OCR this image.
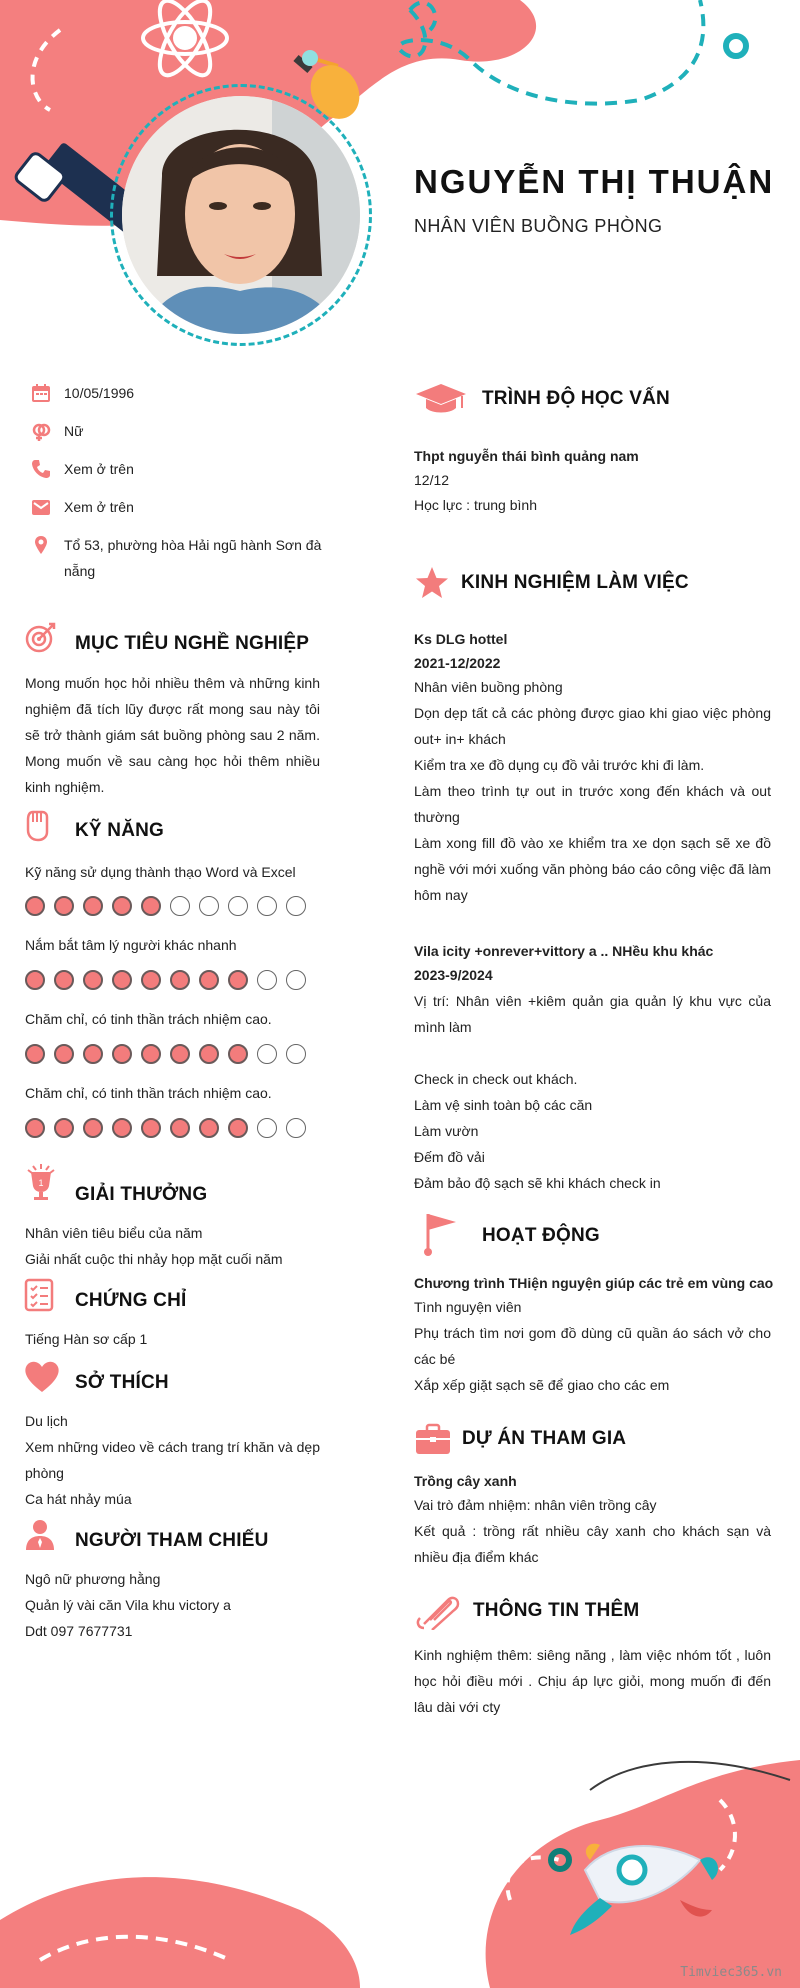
NGUYỄN THỊ THUẬN
NHÂN VIÊN BUỒNG PHÒNG
10/05/1996
Nữ
Xem ở trên
Xem ở trên
Tổ 53, phường hòa Hải ngũ hành Sơn đà nẵng
MỤC TIÊU NGHỀ NGHIỆP
Mong muốn học hỏi nhiều thêm và những kinh nghiệm đã tích lũy được rất mong sau này tôi sẽ trở thành giám sát buồng phòng sau 2 năm. Mong muốn về sau càng học hỏi thêm nhiều kinh nghiệm.
KỸ NĂNG
Kỹ năng sử dụng thành thạo Word và Excel
Nắm bắt tâm lý người khác nhanh
Chăm chỉ, có tinh thần trách nhiệm cao.
Chăm chỉ, có tinh thần trách nhiệm cao.
1
GIẢI THƯỞNG
Nhân viên tiêu biểu của năm
Giải nhất cuộc thi nhảy họp mặt cuối năm
CHỨNG CHỈ
Tiếng Hàn sơ cấp 1
SỞ THÍCH
Du lịch
Xem những video về cách trang trí khăn và dẹp phòng
Ca hát nhảy múa
NGƯỜI THAM CHIẾU
Ngô nữ phương hằng
Quản lý vài căn Vila khu victory a
Ddt 097 7677731
TRÌNH ĐỘ HỌC VẤN
Thpt nguyễn thái bình quảng nam
12/12
Học lực : trung bình
KINH NGHIỆM LÀM VIỆC
Ks DLG hottel
2021-12/2022
Nhân viên buồng phòng
Dọn dẹp tất cả các phòng được giao khi giao việc phòng out+ in+ khách
Kiểm tra xe đồ dụng cụ đồ vải trước khi đi làm.
Làm theo trình tự out in trước xong đến khách và out thường
Làm xong fill đồ vào xe khiểm tra xe dọn sạch sẽ xe đồ nghề với mới xuống văn phòng báo cáo công việc đã làm hôm nay
Vila icity +onrever+vittory a .. NHều khu khác
2023-9/2024
Vị trí: Nhân viên +kiêm quản gia quản lý khu vực của mình làm
Check in check out khách.
Làm vệ sinh toàn bộ các căn
Làm vườn
Đếm đồ vải
Đảm bảo độ sạch sẽ khi khách check in
HOẠT ĐỘNG
Chương trình THiện nguyện giúp các trẻ em vùng cao
Tình nguyện viên
Phụ trách tìm nơi gom đồ dùng cũ quần áo sách vở cho các bé
Xắp xếp giặt sạch sẽ để giao cho các em
DỰ ÁN THAM GIA
Trồng cây xanh
Vai trò đảm nhiệm: nhân viên trồng cây
Kết quả : trồng rất nhiều cây xanh cho khách sạn và nhiều địa điểm khác
THÔNG TIN THÊM
Kinh nghiệm thêm: siêng năng , làm việc nhóm tốt , luôn học hỏi điều mới . Chịu áp lực giỏi, mong muốn đi đến lâu dài với cty
Timviec365.vn
